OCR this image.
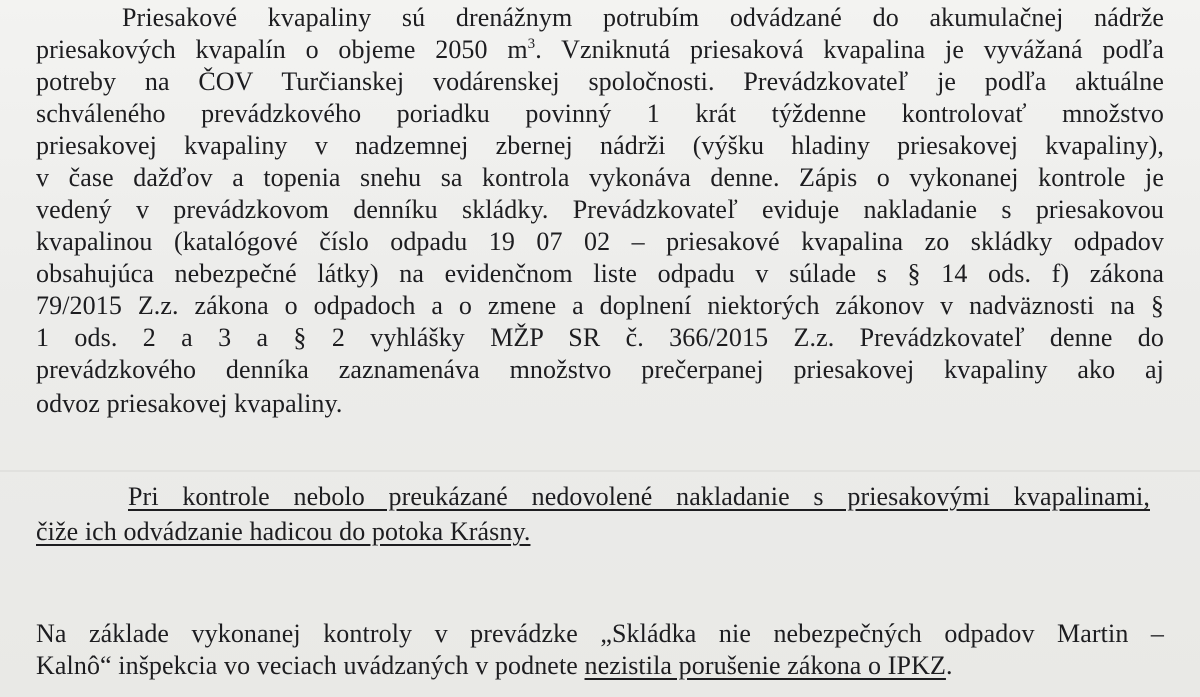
Priesakové kvapaliny sú drenážnym potrubím odvádzané do akumulačnej nádrže
priesakových kvapalín o objeme 2050 $m^3$. Vzniknutá priesaková kvapalina je vyvážaná podľa
potreby na ČOV Turčianskej vodárenskej spoločnosti. Prevádzkovateľ je podľa aktuálne
schváleného prevádzkového poriadku povinný 1 krát týždenne kontrolovať množstvo
priesakovej kvapaliny v nadzemnej zbernej nádrži (výšku hladiny priesakovej kvapaliny),
v čase dažďov a topenia snehu sa kontrola vykonáva denne. Zápis o vykonanej kontrole je
vedený v prevádzkovom denníku skládky. Prevádzkovateľ eviduje nakladanie s priesakovou
kvapalinou (katalógové číslo odpadu 19 07 02 – priesakové kvapalina zo skládky odpadov
obsahujúca nebezpečné látky) na evidenčnom liste odpadu v súlade s § 14 ods. f) zákona
79/2015 Z.z. zákona o odpadoch a o zmene a doplnení niektorých zákonov v nadväznosti na §
1 ods. 2 a 3 a § 2 vyhlášky MŽP SR č. 366/2015 Z.z. Prevádzkovateľ denne do
prevádzkového denníka zaznamenáva množstvo prečerpanej priesakovej kvapaliny ako aj
odvoz priesakovej kvapaliny.
Pri kontrole nebolo preukázané nedovolené nakladanie s priesakovými kvapalinami,
čiže ich odvádzanie hadicou do potoka Krásny.
Na základe vykonanej kontroly v prevádzke „Skládka nie nebezpečných odpadov Martin –
Kalnô“ inšpekcia vo veciach uvádzaných v podnete nezistila porušenie zákona o IPKZ.
